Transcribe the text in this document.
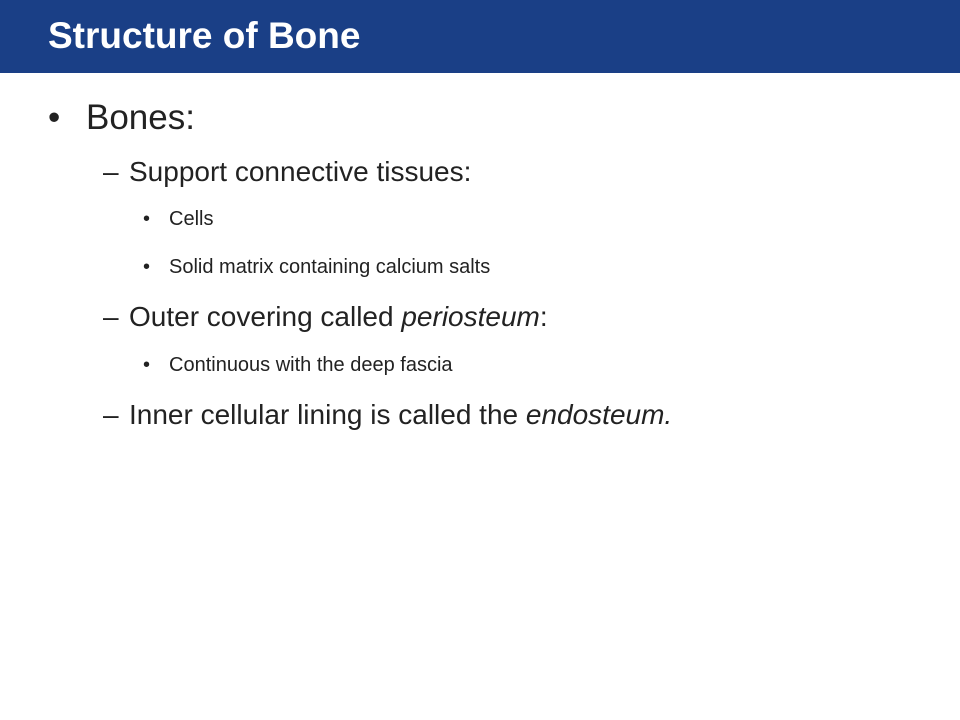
Structure of Bone
• Bones:
– Support connective tissues:
• Cells
• Solid matrix containing calcium salts
– Outer covering called periosteum:
• Continuous with the deep fascia
– Inner cellular lining is called the endosteum.
